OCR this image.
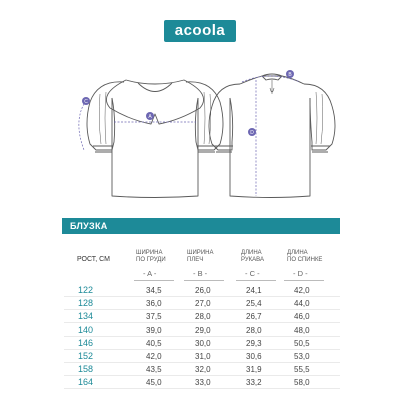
acoola
A
C
B
D
БЛУЗКА
РОСТ, СМ
ШИРИНА
ПО ГРУДИ
ШИРИНА
ПЛЕЧ
ДЛИНА
РУКАВА
ДЛИНА
ПО СПИНКЕ
- A -	- B -	- C -	- D -
122	34,5	26,0	24,1	42,0
128	36,0	27,0	25,4	44,0
134	37,5	28,0	26,7	46,0
140	39,0	29,0	28,0	48,0
146	40,5	30,0	29,3	50,5
152	42,0	31,0	30,6	53,0
158	43,5	32,0	31,9	55,5
164	45,0	33,0	33,2	58,0
